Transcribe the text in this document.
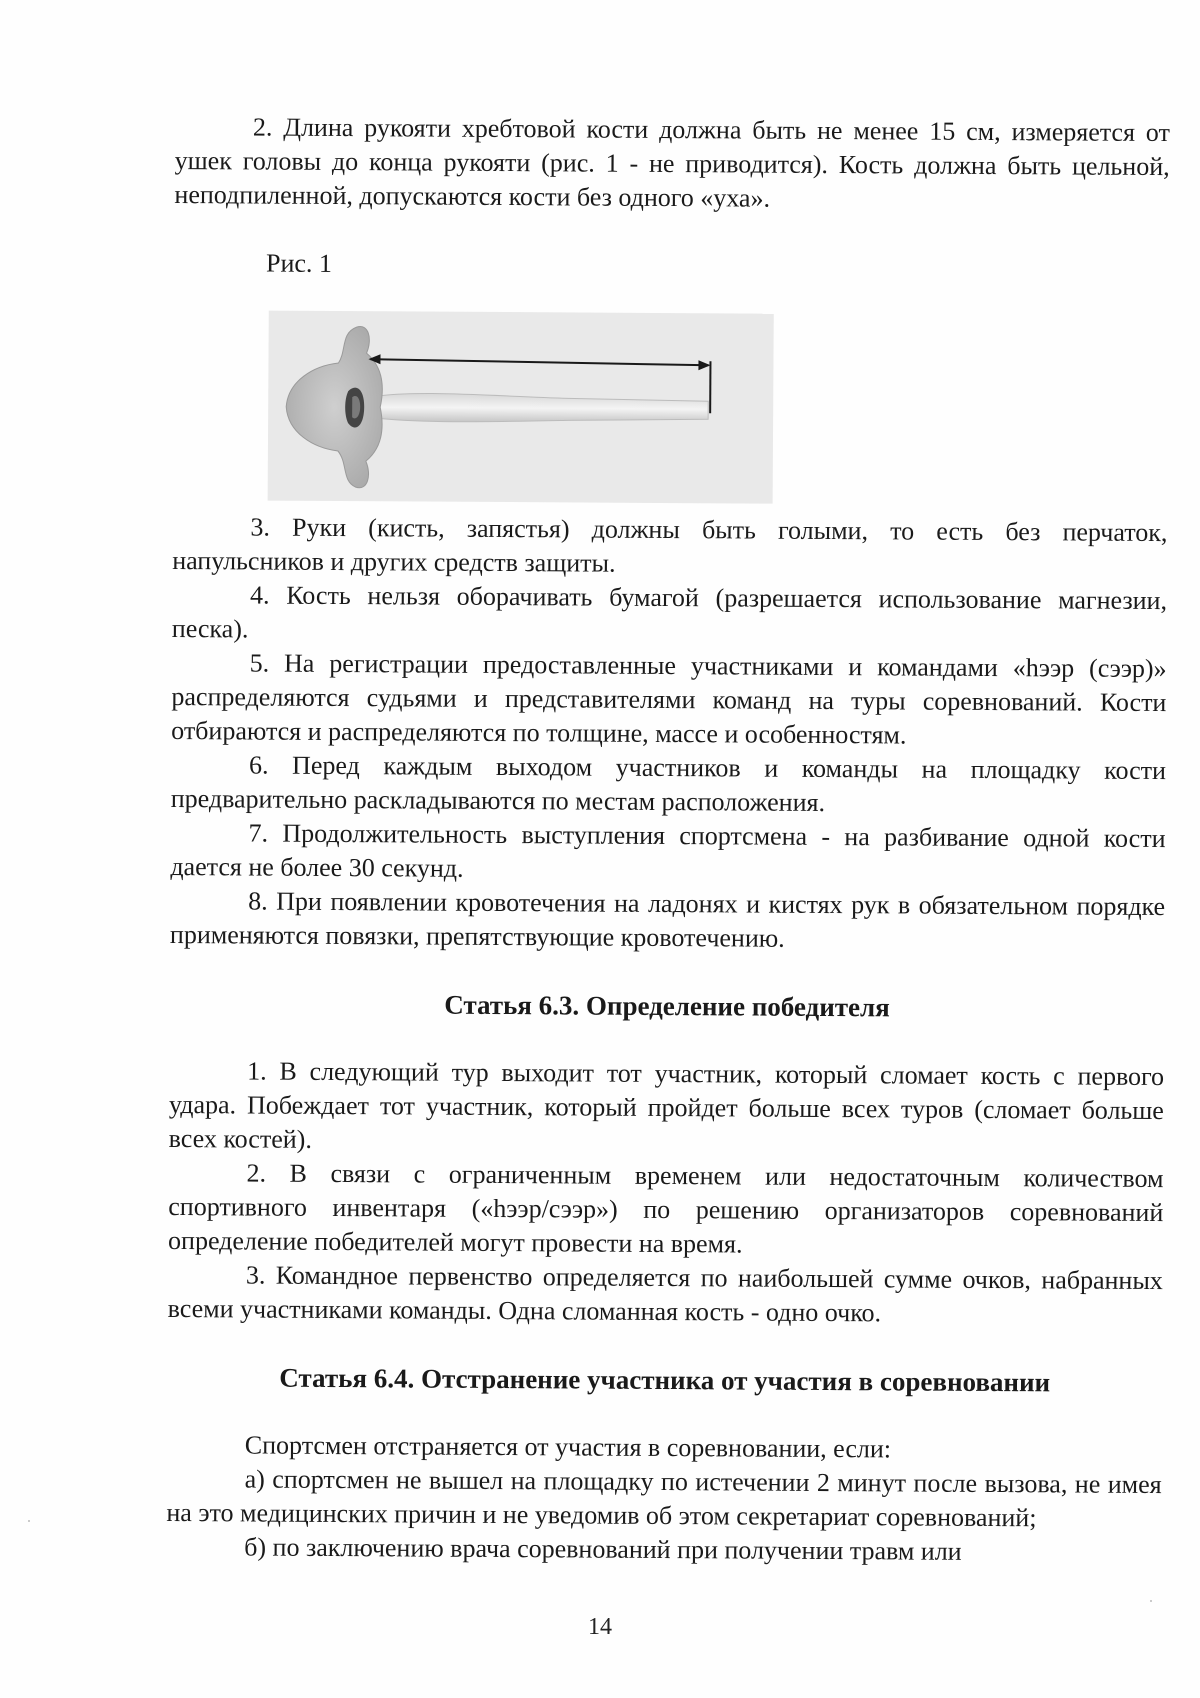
2. Длина рукояти хребтовой кости должна быть не менее 15 см, измеряется от ушек головы до конца рукояти (рис. 1 - не приводится). Кость должна быть цельной, неподпиленной, допускаются кости без одного «уха».

Рис. 1

3. Руки (кисть, запястья) должны быть голыми, то есть без перчаток, напульсников и других средств защиты.

4. Кость нельзя оборачивать бумагой (разрешается использование магнезии, песка).

5. На регистрации предоставленные участниками и командами «һээр (сээр)» распределяются судьями и представителями команд на туры соревнований. Кости отбираются и распределяются по толщине, массе и особенностям.

6. Перед каждым выходом участников и команды на площадку кости предварительно раскладываются по местам расположения.

7. Продолжительность выступления спортсмена - на разбивание одной кости дается не более 30 секунд.

8. При появлении кровотечения на ладонях и кистях рук в обязательном порядке применяются повязки, препятствующие кровотечению.

Статья 6.3. Определение победителя

1. В следующий тур выходит тот участник, который сломает кость с первого удара. Побеждает тот участник, который пройдет больше всех туров (сломает больше всех костей).

2. В связи с ограниченным временем или недостаточным количеством спортивного инвентаря («һээр/сээр») по решению организаторов соревнований определение победителей могут провести на время.

3. Командное первенство определяется по наибольшей сумме очков, набранных всеми участниками команды. Одна сломанная кость - одно очко.

Статья 6.4. Отстранение участника от участия в соревновании

Спортсмен отстраняется от участия в соревновании, если:

а) спортсмен не вышел на площадку по истечении 2 минут после вызова, не имея на это медицинских причин и не уведомив об этом секретариат соревнований;

б) по заключению врача соревнований при получении травм или

14
